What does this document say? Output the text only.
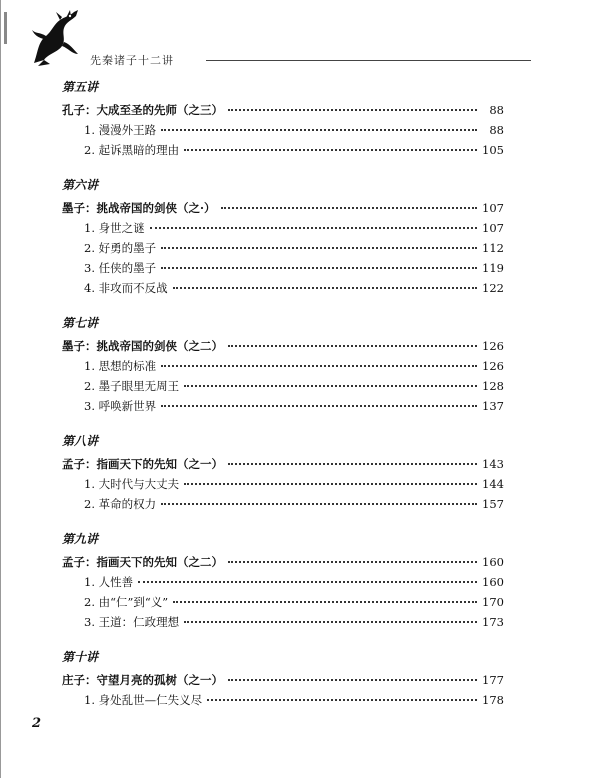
先秦诸子十二讲
第五讲
孔子：大成至圣的先师（之三）	88
1. 漫漫外王路	88
2. 起诉黑暗的理由	105
第六讲
墨子：挑战帝国的剑侠（之·）	107
1. 身世之谜	107
2. 好勇的墨子	112
3. 任侠的墨子	119
4. 非攻而不反战	122
第七讲
墨子：挑战帝国的剑侠（之二）	126
1. 思想的标准	126
2. 墨子眼里无周王	128
3. 呼唤新世界	137
第八讲
孟子：指画天下的先知（之一）	143
1. 大时代与大丈夫	144
2. 革命的权力	157
第九讲
孟子：指画天下的先知（之二）	160
1. 人性善	160
2. 由“仁”到“义”	170
3. 王道：仁政理想	173
第十讲
庄子：守望月亮的孤树（之一）	177
1. 身处乱世—仁失义尽	178
2
